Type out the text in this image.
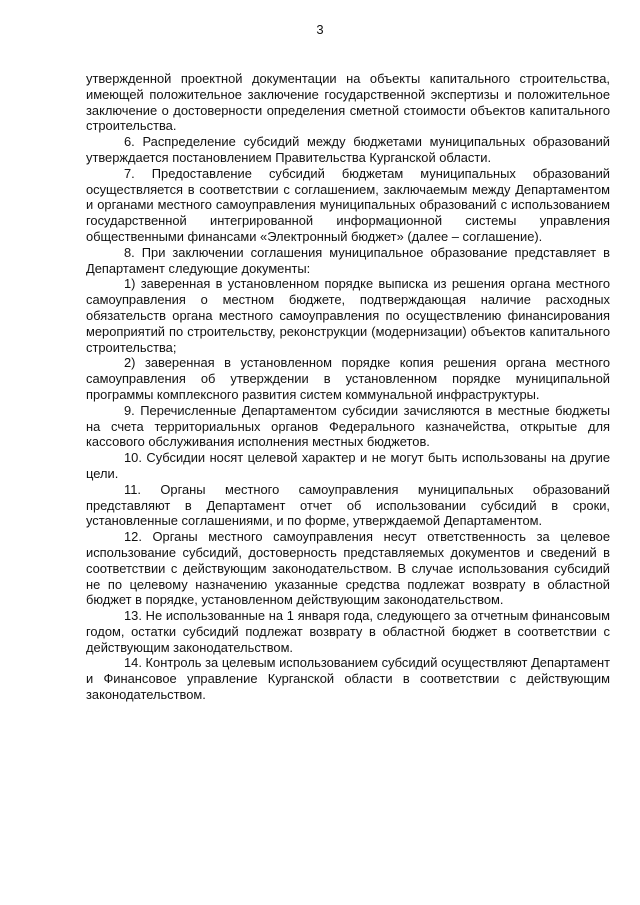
3

утвержденной проектной документации на объекты капитального строительства, имеющей положительное заключение государственной экспертизы и положительное заключение о достоверности определения сметной стоимости объектов капитального строительства.

6. Распределение субсидий между бюджетами муниципальных образований утверждается постановлением Правительства Курганской области.

7. Предоставление субсидий бюджетам муниципальных образований осуществляется в соответствии с соглашением, заключаемым между Департаментом и органами местного самоуправления муниципальных образований с использованием государственной интегрированной информационной системы управления общественными финансами «Электронный бюджет» (далее – соглашение).

8. При заключении соглашения муниципальное образование представляет в Департамент следующие документы:

1) заверенная в установленном порядке выписка из решения органа местного самоуправления о местном бюджете, подтверждающая наличие расходных обязательств органа местного самоуправления по осуществлению финансирования мероприятий по строительству, реконструкции (модернизации) объектов капитального строительства;

2) заверенная в установленном порядке копия решения органа местного самоуправления об утверждении в установленном порядке муниципальной программы комплексного развития систем коммунальной инфраструктуры.

9. Перечисленные Департаментом субсидии зачисляются в местные бюджеты на счета территориальных органов Федерального казначейства, открытые для кассового обслуживания исполнения местных бюджетов.

10. Субсидии носят целевой характер и не могут быть использованы на другие цели.

11. Органы местного самоуправления муниципальных образований представляют в Департамент отчет об использовании субсидий в сроки, установленные соглашениями, и по форме, утверждаемой Департаментом.

12. Органы местного самоуправления несут ответственность за целевое использование субсидий, достоверность представляемых документов и сведений в соответствии с действующим законодательством. В случае использования субсидий не по целевому назначению указанные средства подлежат возврату в областной бюджет в порядке, установленном действующим законодательством.

13. Не использованные на 1 января года, следующего за отчетным финансовым годом, остатки субсидий подлежат возврату в областной бюджет в соответствии с действующим законодательством.

14. Контроль за целевым использованием субсидий осуществляют Департамент и Финансовое управление Курганской области в соответствии с действующим законодательством.
